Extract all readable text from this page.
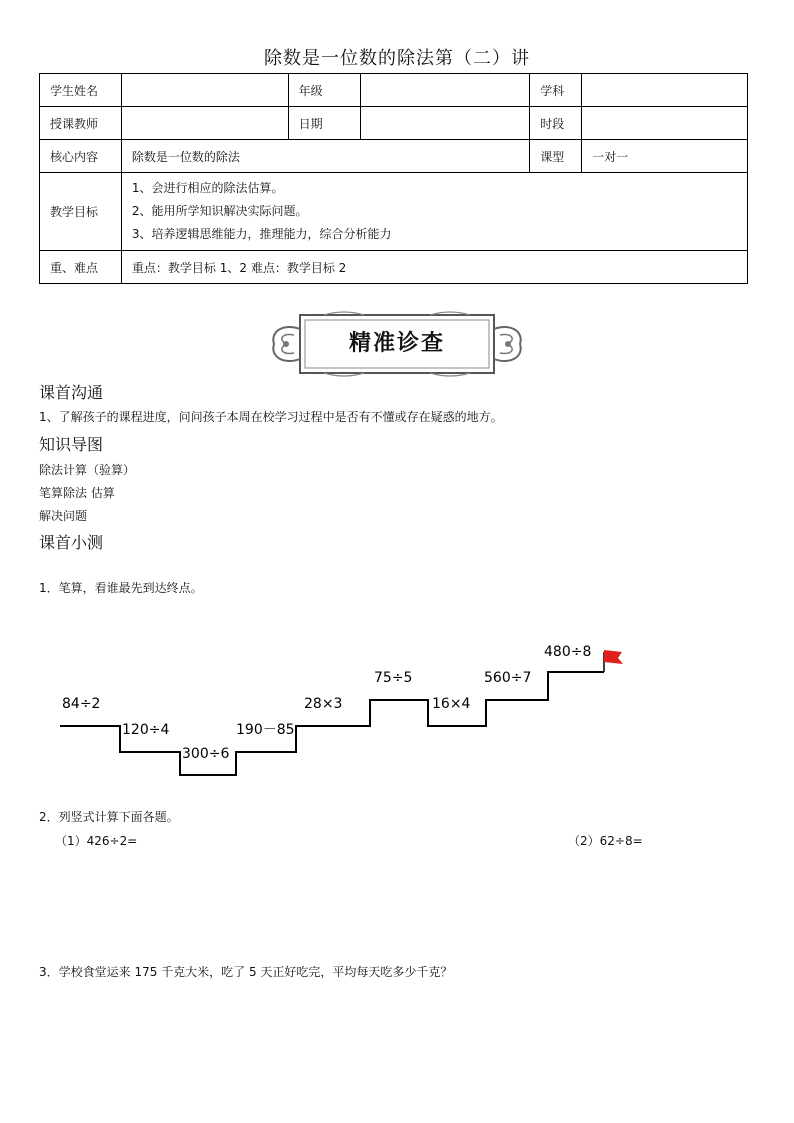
除数是一位数的除法第（二）讲
学生姓名		年级		学科	
授课教师		日期		时段	
核心内容	除数是一位数的除法			课型	一对一
教学目标	1、会进行相应的除法估算。
2、能用所学知识解决实际问题。
3、培养逻辑思维能力，推理能力，综合分析能力				

重、难点	重点：教学目标 1、2 难点：教学目标 2				
精准诊查
课首沟通
1、了解孩子的课程进度，问问孩子本周在校学习过程中是否有不懂或存在疑惑的地方。
知识导图
除法计算（验算）
笔算除法 估算
解决问题
课首小测
1．笔算，看谁最先到达终点。
84÷2
120÷4
300÷6
190－85
28×3
75÷5
16×4
560÷7
480÷8
2．列竖式计算下面各题。
（1）426÷2=	（2）62÷8=
3．学校食堂运来 175 千克大米，吃了 5 天正好吃完，平均每天吃多少千克？
